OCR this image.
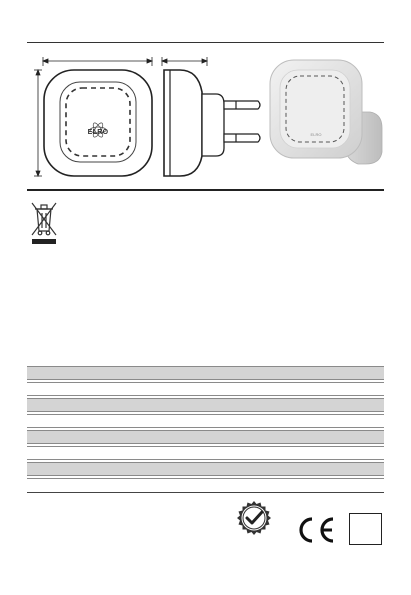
ELRO	ELRO
